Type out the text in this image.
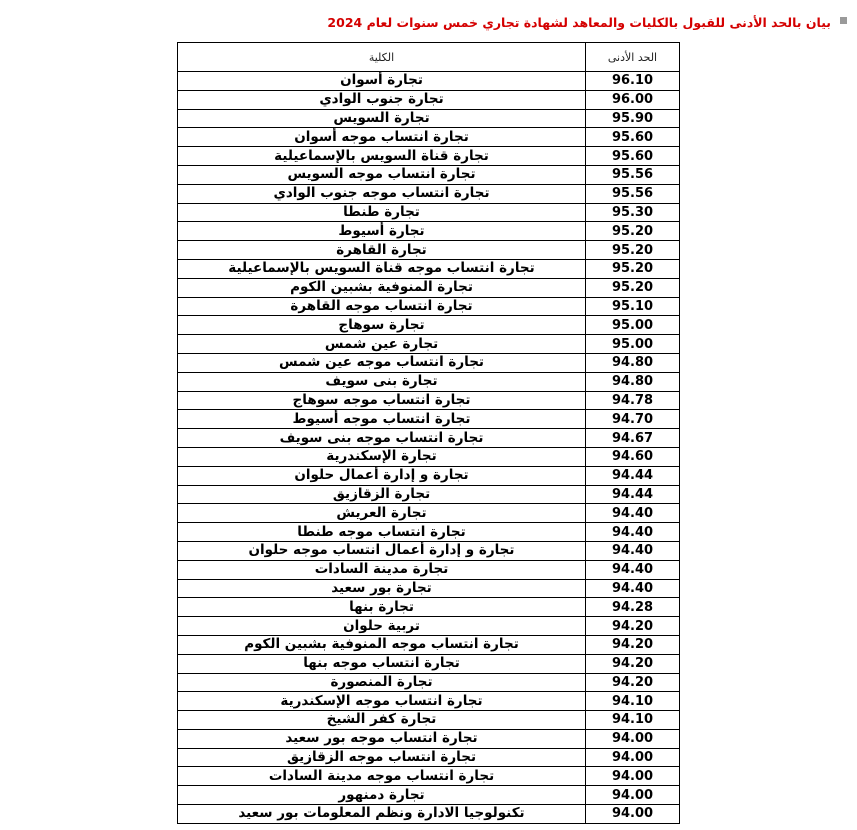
بيان بالحد الأدنى للقبول بالكليات والمعاهد لشهادة تجاري خمس سنوات لعام 2024
الحد الأدنى	الكلية
96.10	تجارة أسوان
96.00	تجارة جنوب الوادي
95.90	تجارة السويس
95.60	تجارة انتساب موجه أسوان
95.60	تجارة قناة السويس بالإسماعيلية
95.56	تجارة انتساب موجه السويس
95.56	تجارة انتساب موجه جنوب الوادي
95.30	تجارة طنطا
95.20	تجارة أسيوط
95.20	تجارة القاهرة
95.20	تجارة انتساب موجه قناة السويس بالإسماعيلية
95.20	تجارة المنوفية بشبين الكوم
95.10	تجارة انتساب موجه القاهرة
95.00	تجارة سوهاج
95.00	تجارة عين شمس
94.80	تجارة انتساب موجه عين شمس
94.80	تجارة بنى سويف
94.78	تجارة انتساب موجه سوهاج
94.70	تجارة انتساب موجه أسيوط
94.67	تجارة انتساب موجه بنى سويف
94.60	تجارة الإسكندرية
94.44	تجارة و إدارة أعمال حلوان
94.44	تجارة الزقازيق
94.40	تجارة العريش
94.40	تجارة انتساب موجه طنطا
94.40	تجارة و إدارة أعمال انتساب موجه حلوان
94.40	تجارة مدينة السادات
94.40	تجارة بور سعيد
94.28	تجارة بنها
94.20	تربية حلوان
94.20	تجارة انتساب موجه المنوفية بشبين الكوم
94.20	تجارة انتساب موجه بنها
94.20	تجارة المنصورة
94.10	تجارة انتساب موجه الإسكندرية
94.10	تجارة كفر الشيخ
94.00	تجارة انتساب موجه بور سعيد
94.00	تجارة انتساب موجه الزقازيق
94.00	تجارة انتساب موجه مدينة السادات
94.00	تجارة دمنهور
94.00	تكنولوجيا الادارة ونظم المعلومات بور سعيد
